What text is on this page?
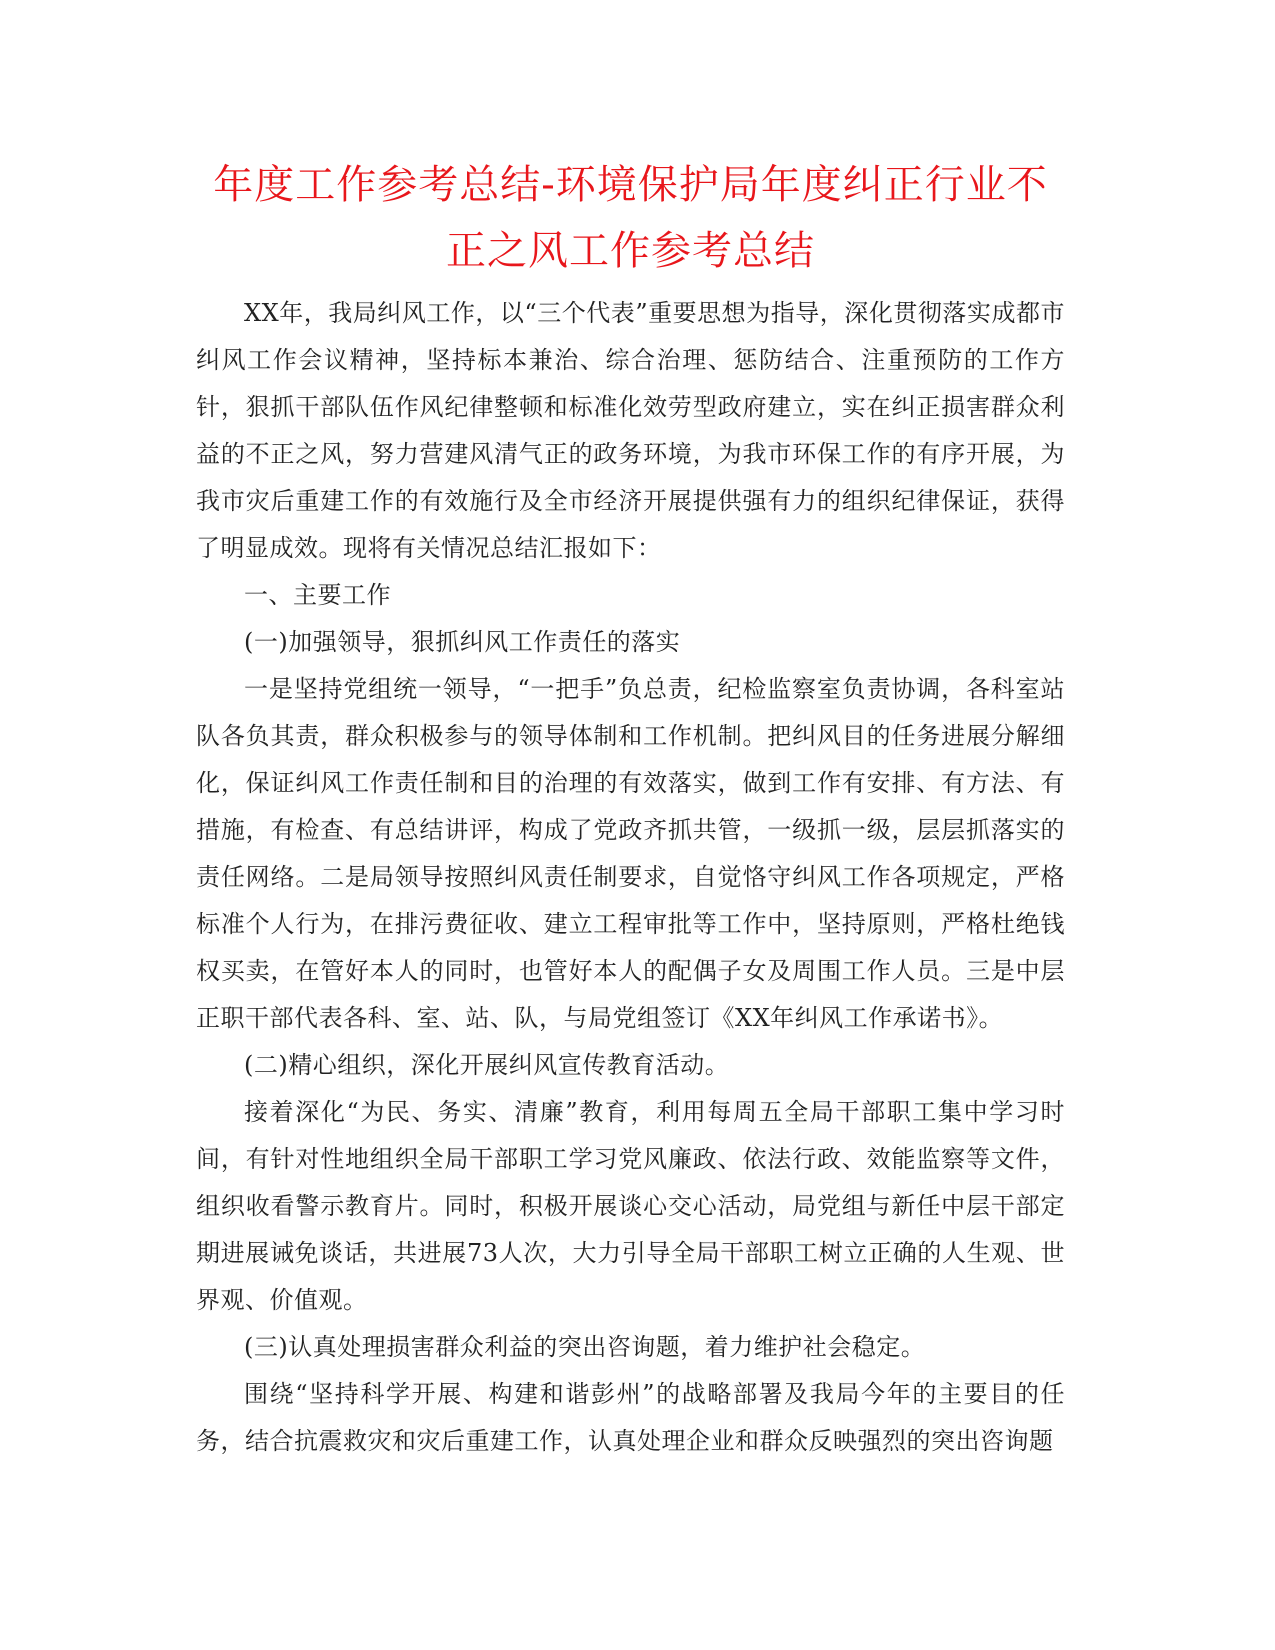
年度工作参考总结-环境保护局年度纠正行业不正之风工作参考总结

XX年，我局纠风工作，以“三个代表”重要思想为指导，深化贯彻落实成都市纠风工作会议精神，坚持标本兼治、综合治理、惩防结合、注重预防的工作方针，狠抓干部队伍作风纪律整顿和标准化效劳型政府建立，实在纠正损害群众利益的不正之风，努力营建风清气正的政务环境，为我市环保工作的有序开展，为我市灾后重建工作的有效施行及全市经济开展提供强有力的组织纪律保证，获得了明显成效。现将有关情况总结汇报如下：

一、主要工作

(一)加强领导，狠抓纠风工作责任的落实

一是坚持党组统一领导，“一把手”负总责，纪检监察室负责协调，各科室站队各负其责，群众积极参与的领导体制和工作机制。把纠风目的任务进展分解细化，保证纠风工作责任制和目的治理的有效落实，做到工作有安排、有方法、有措施，有检查、有总结讲评，构成了党政齐抓共管，一级抓一级，层层抓落实的责任网络。二是局领导按照纠风责任制要求，自觉恪守纠风工作各项规定，严格标准个人行为，在排污费征收、建立工程审批等工作中，坚持原则，严格杜绝钱权买卖，在管好本人的同时，也管好本人的配偶子女及周围工作人员。三是中层正职干部代表各科、室、站、队，与局党组签订《XX年纠风工作承诺书》。

(二)精心组织，深化开展纠风宣传教育活动。

接着深化“为民、务实、清廉”教育，利用每周五全局干部职工集中学习时间，有针对性地组织全局干部职工学习党风廉政、依法行政、效能监察等文件，组织收看警示教育片。同时，积极开展谈心交心活动，局党组与新任中层干部定期进展诫免谈话，共进展73人次，大力引导全局干部职工树立正确的人生观、世界观、价值观。

(三)认真处理损害群众利益的突出咨询题，着力维护社会稳定。

围绕“坚持科学开展、构建和谐彭州”的战略部署及我局今年的主要目的任务，结合抗震救灾和灾后重建工作，认真处理企业和群众反映强烈的突出咨询题
